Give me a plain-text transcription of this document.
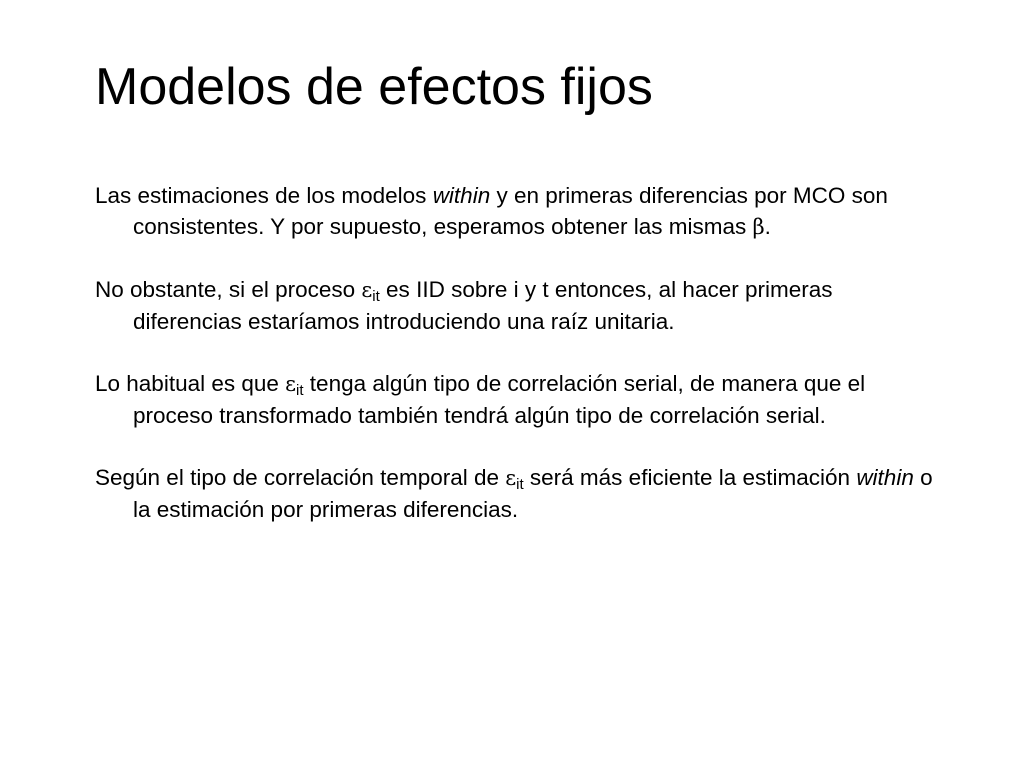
Modelos de efectos fijos

Las estimaciones de los modelos within y en primeras diferencias por MCO son consistentes. Y por supuesto, esperamos obtener las mismas β.

No obstante, si el proceso $\varepsilon_{it}$ es IID sobre i y t entonces, al hacer primeras diferencias estaríamos introduciendo una raíz unitaria.

Lo habitual es que $\varepsilon_{it}$ tenga algún tipo de correlación serial, de manera que el proceso transformado también tendrá algún tipo de correlación serial.

Según el tipo de correlación temporal de $\varepsilon_{it}$ será más eficiente la estimación within o la estimación por primeras diferencias.
